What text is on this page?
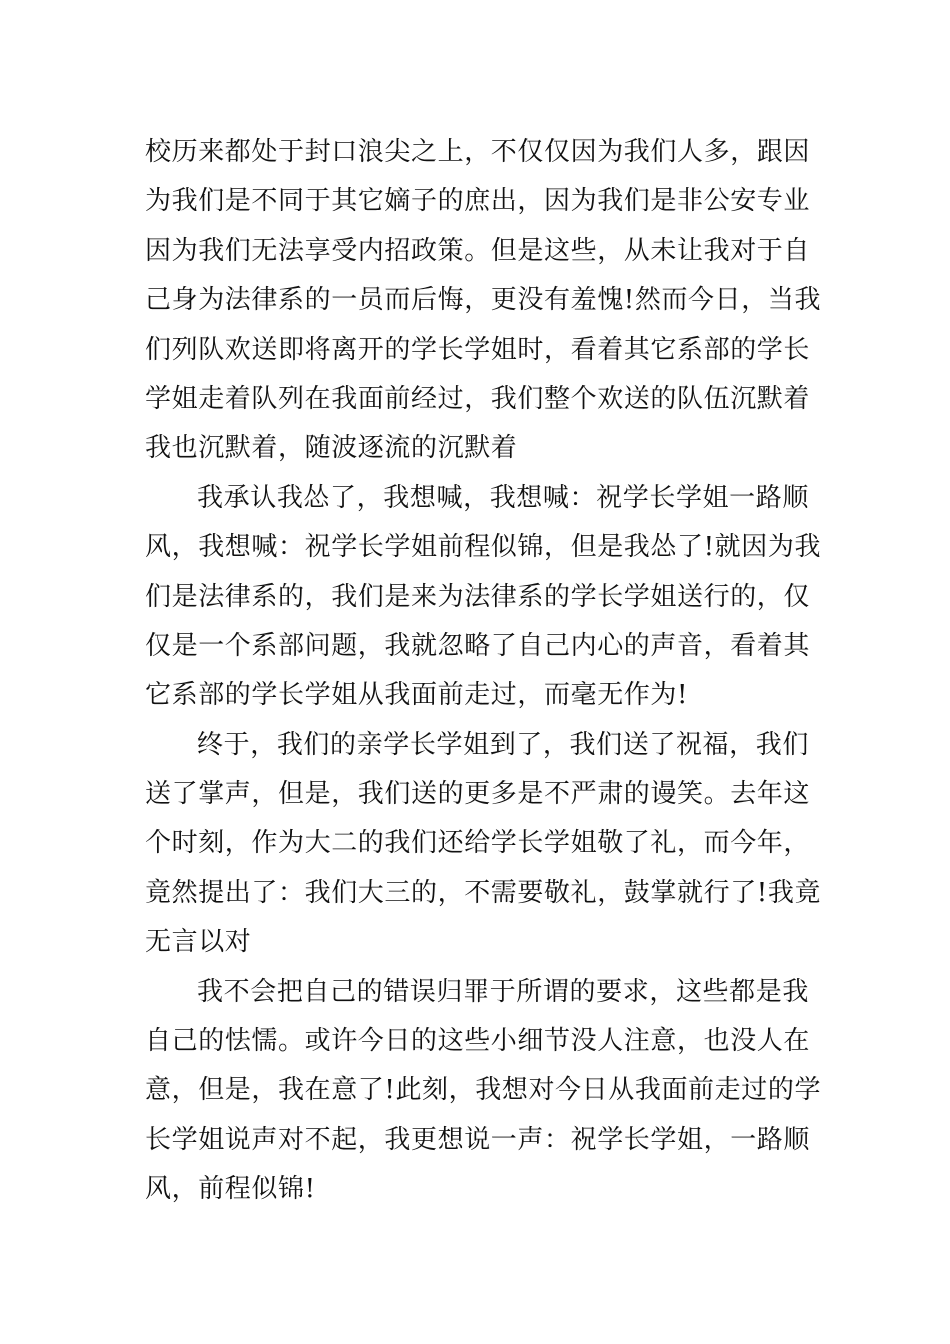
校历来都处于封口浪尖之上，不仅仅因为我们人多，跟因
为我们是不同于其它嫡子的庶出，因为我们是非公安专业
因为我们无法享受内招政策。但是这些，从未让我对于自
己身为法律系的一员而后悔，更没有羞愧!然而今日，当我
们列队欢送即将离开的学长学姐时，看着其它系部的学长
学姐走着队列在我面前经过，我们整个欢送的队伍沉默着
我也沉默着，随波逐流的沉默着
我承认我怂了，我想喊，我想喊：祝学长学姐一路顺
风，我想喊：祝学长学姐前程似锦，但是我怂了!就因为我
们是法律系的，我们是来为法律系的学长学姐送行的，仅
仅是一个系部问题，我就忽略了自己内心的声音，看着其
它系部的学长学姐从我面前走过，而毫无作为!
终于，我们的亲学长学姐到了，我们送了祝福，我们
送了掌声，但是，我们送的更多是不严肃的谩笑。去年这
个时刻，作为大二的我们还给学长学姐敬了礼，而今年，
竟然提出了：我们大三的，不需要敬礼，鼓掌就行了!我竟
无言以对
我不会把自己的错误归罪于所谓的要求，这些都是我
自己的怯懦。或许今日的这些小细节没人注意，也没人在
意，但是，我在意了!此刻，我想对今日从我面前走过的学
长学姐说声对不起，我更想说一声：祝学长学姐，一路顺
风，前程似锦!
